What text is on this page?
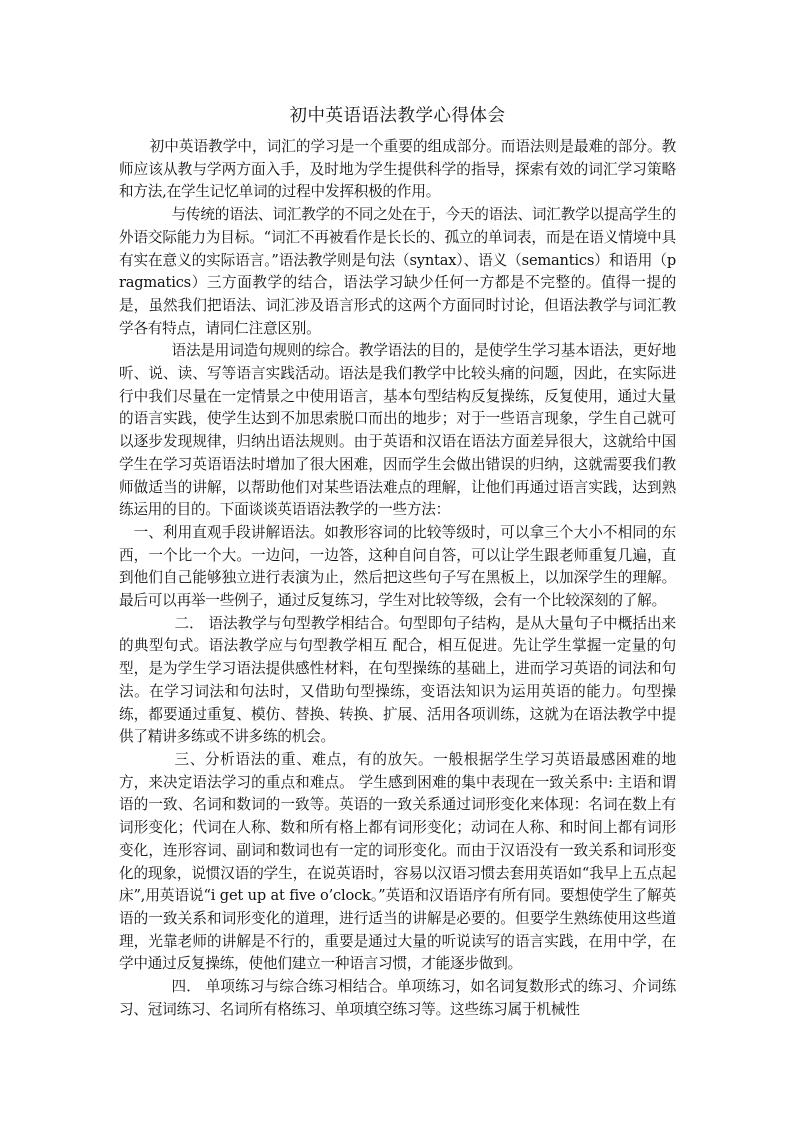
初中英语语法教学心得体会

初中英语教学中，词汇的学习是一个重要的组成部分。而语法则是最难的部分。教师应该从教与学两方面入手，及时地为学生提供科学的指导，探索有效的词汇学习策略和方法,在学生记忆单词的过程中发挥积极的作用。

与传统的语法、词汇教学的不同之处在于，今天的语法、词汇教学以提高学生的外语交际能力为目标。“词汇不再被看作是长长的、孤立的单词表，而是在语义情境中具有实在意义的实际语言。”语法教学则是句法（syntax）、语义（semantics）和语用（pragmatics）三方面教学的结合，语法学习缺少任何一方都是不完整的。值得一提的是，虽然我们把语法、词汇涉及语言形式的这两个方面同时讨论，但语法教学与词汇教学各有特点，请同仁注意区别。

语法是用词造句规则的综合。教学语法的目的，是使学生学习基本语法，更好地听、说、读、写等语言实践活动。语法是我们教学中比较头痛的问题，因此，在实际进行中我们尽量在一定情景之中使用语言，基本句型结构反复操练，反复使用，通过大量的语言实践，使学生达到不加思索脱口而出的地步；对于一些语言现象，学生自己就可以逐步发现规律，归纳出语法规则。由于英语和汉语在语法方面差异很大，这就给中国学生在学习英语语法时增加了很大困难，因而学生会做出错误的归纳，这就需要我们教师做适当的讲解，以帮助他们对某些语法难点的理解，让他们再通过语言实践，达到熟练运用的目的。下面谈谈英语语法教学的一些方法：

一、利用直观手段讲解语法。如教形容词的比较等级时，可以拿三个大小不相同的东西，一个比一个大。一边问，一边答，这种自问自答，可以让学生跟老师重复几遍，直到他们自己能够独立进行表演为止，然后把这些句子写在黑板上，以加深学生的理解。最后可以再举一些例子，通过反复练习，学生对比较等级，会有一个比较深刻的了解。

二． 语法教学与句型教学相结合。句型即句子结构，是从大量句子中概括出来的典型句式。语法教学应与句型教学相互 配合，相互促进。先让学生掌握一定量的句型，是为学生学习语法提供感性材料，在句型操练的基础上，进而学习英语的词法和句法。在学习词法和句法时，又借助句型操练，变语法知识为运用英语的能力。句型操练，都要通过重复、模仿、替换、转换、扩展、活用各项训练，这就为在语法教学中提供了精讲多练或不讲多练的机会。

三、分析语法的重、难点，有的放矢。一般根据学生学习英语最感困难的地方，来决定语法学习的重点和难点。 学生感到困难的集中表现在一致关系中: 主语和谓语的一致、名词和数词的一致等。英语的一致关系通过词形变化来体现：名词在数上有词形变化；代词在人称、数和所有格上都有词形变化；动词在人称、和时间上都有词形变化，连形容词、副词和数词也有一定的词形变化。而由于汉语没有一致关系和词形变化的现象，说惯汉语的学生，在说英语时，容易以汉语习惯去套用英语如“我早上五点起床”,用英语说“i get up at five o’clock。”英语和汉语语序有所有同。要想使学生了解英语的一致关系和词形变化的道理，进行适当的讲解是必要的。但要学生熟练使用这些道理，光靠老师的讲解是不行的，重要是通过大量的听说读写的语言实践，在用中学，在学中通过反复操练，使他们建立一种语言习惯，才能逐步做到。

四． 单项练习与综合练习相结合。单项练习，如名词复数形式的练习、介词练习、冠词练习、名词所有格练习、单项填空练习等。这些练习属于机械性
